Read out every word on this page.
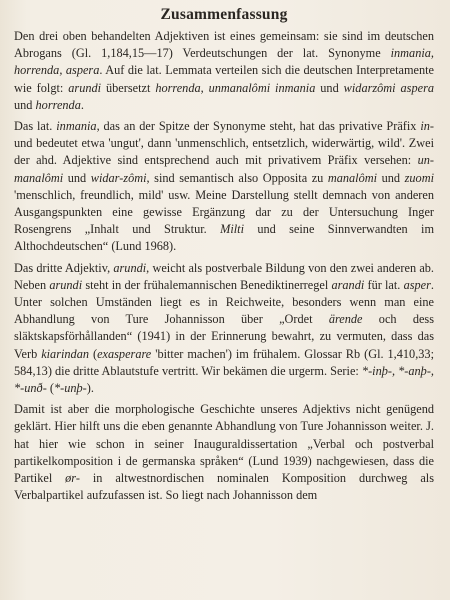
Zusammenfassung

Den drei oben behandelten Adjektiven ist eines gemeinsam: sie sind im deutschen Abrogans (Gl. 1,184,15—17) Verdeutschungen der lat. Synonyme inmania, horrenda, aspera. Auf die lat. Lemmata verteilen sich die deutschen Interpretamente wie folgt: arundi übersetzt horrenda, unmanalômi inmania und widarzômi aspera und horrenda.

Das lat. inmania, das an der Spitze der Synonyme steht, hat das privative Präfix in- und bedeutet etwa 'ungut', dann 'unmenschlich, entsetzlich, widerwärtig, wild'. Zwei der ahd. Adjektive sind entsprechend auch mit privativem Präfix versehen: un-manalômi und widar-zômi, sind semantisch also Opposita zu manalômi und zuomi 'menschlich, freundlich, mild' usw. Meine Darstellung stellt demnach von anderen Ausgangspunkten eine gewisse Ergänzung dar zu der Untersuchung Inger Rosengrens „Inhalt und Struktur. Milti und seine Sinnverwandten im Althochdeutschen“ (Lund 1968).

Das dritte Adjektiv, arundi, weicht als postverbale Bildung von den zwei anderen ab. Neben arundi steht in der frühalemannischen Benediktinerregel arandi für lat. asper. Unter solchen Umständen liegt es in Reichweite, besonders wenn man eine Abhandlung von Ture Johannisson über „Ordet ärende och dess släktskapsförhållanden“ (1941) in der Erinnerung bewahrt, zu vermuten, dass das Verb kiarindan (exasperare 'bitter machen') im frühalem. Glossar Rb (Gl. 1,410,33; 584,13) die dritte Ablautstufe vertritt. Wir bekämen die urgerm. Serie: *-inþ-, *-anþ-, *-unð- (*-unþ-).

Damit ist aber die morphologische Geschichte unseres Adjektivs nicht genügend geklärt. Hier hilft uns die eben genannte Abhandlung von Ture Johannisson weiter. J. hat hier wie schon in seiner Inauguraldissertation „Verbal och postverbal partikelkomposition i de germanska språken“ (Lund 1939) nachgewiesen, dass die Partikel ør- in altwestnordischen nominalen Komposition durchweg als Verbalpartikel aufzufassen ist. So liegt nach Johannisson dem
